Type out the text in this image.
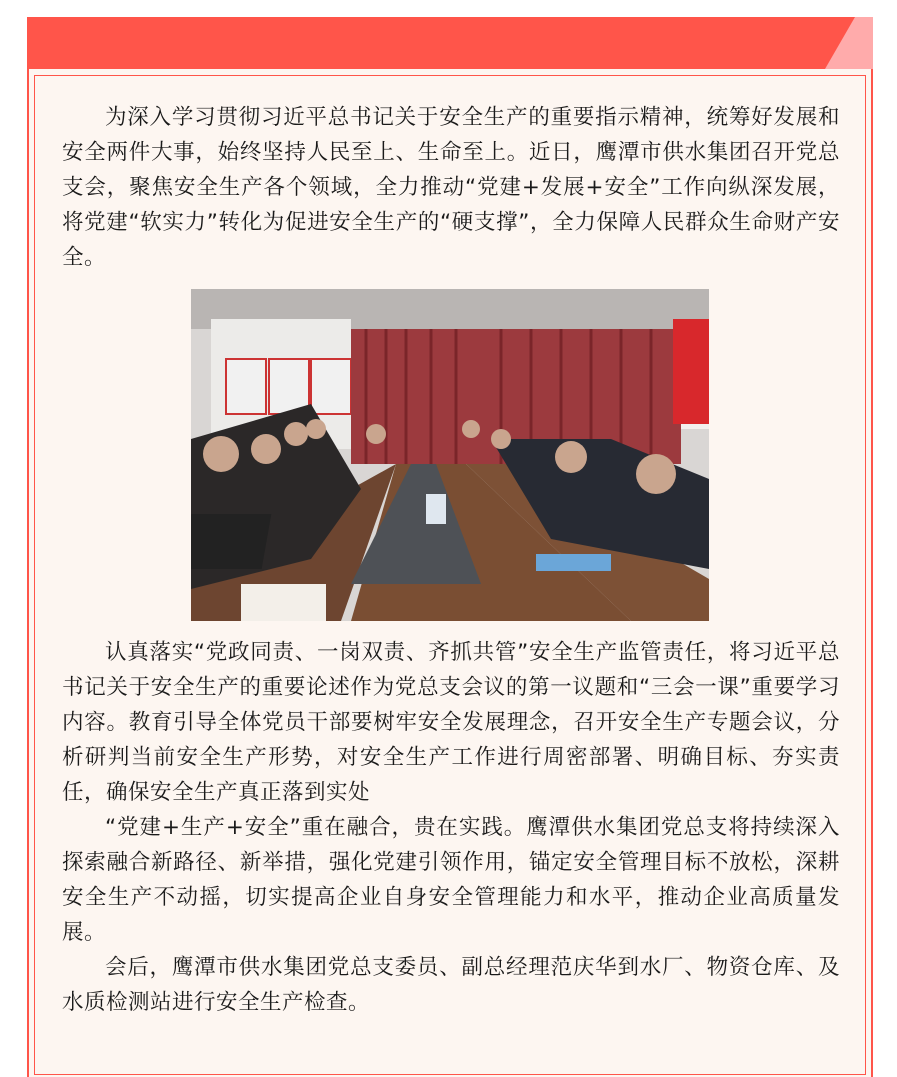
为深入学习贯彻习近平总书记关于安全生产的重要指示精神，统筹好发展和安全两件大事，始终坚持人民至上、生命至上。近日，鹰潭市供水集团召开党总支会，聚焦安全生产各个领域，全力推动“党建+发展+安全”工作向纵深发展，将党建“软实力”转化为促进安全生产的“硬支撑”，全力保障人民群众生命财产安全。

认真落实“党政同责、一岗双责、齐抓共管”安全生产监管责任，将习近平总书记关于安全生产的重要论述作为党总支会议的第一议题和“三会一课”重要学习内容。教育引导全体党员干部要树牢安全发展理念，召开安全生产专题会议，分析研判当前安全生产形势，对安全生产工作进行周密部署、明确目标、夯实责任，确保安全生产真正落到实处

“党建+生产+安全”重在融合，贵在实践。鹰潭供水集团党总支将持续深入探索融合新路径、新举措，强化党建引领作用，锚定安全管理目标不放松，深耕安全生产不动摇，切实提高企业自身安全管理能力和水平，推动企业高质量发展。

会后，鹰潭市供水集团党总支委员、副总经理范庆华到水厂、物资仓库、及水质检测站进行安全生产检查。
